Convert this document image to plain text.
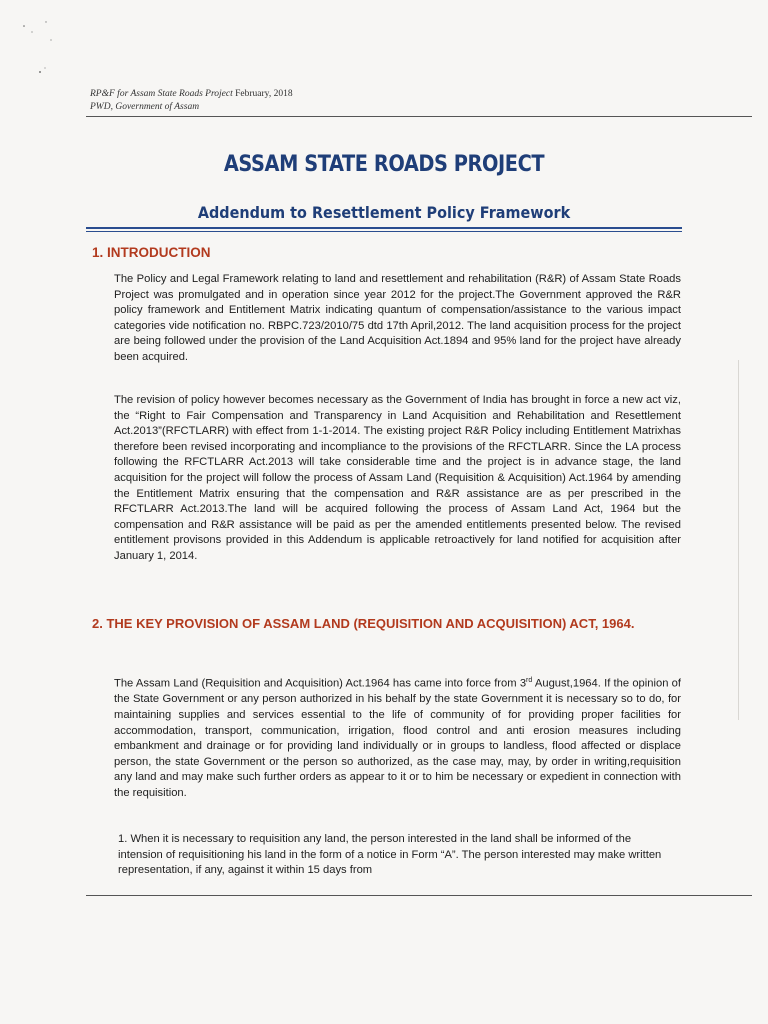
RP&F for Assam State Roads Project February, 2018
PWD, Government of Assam
ASSAM STATE ROADS PROJECT
Addendum to Resettlement Policy Framework
1. INTRODUCTION
The Policy and Legal Framework relating to land and resettlement and rehabilitation (R&R) of Assam State Roads Project was promulgated and in operation since year 2012 for the project.The Government approved the R&R policy framework and Entitlement Matrix indicating quantum of compensation/assistance to the various impact categories vide notification no. RBPC.723/2010/75 dtd 17th April,2012. The land acquisition process for the project are being followed under the provision of the Land Acquisition Act.1894 and 95% land for the project have already been acquired.
The revision of policy however becomes necessary as the Government of India has brought in force a new act viz, the “Right to Fair Compensation and Transparency in Land Acquisition and Rehabilitation and Resettlement Act.2013”(RFCTLARR) with effect from 1-1-2014. The existing project R&R Policy including Entitlement Matrixhas therefore been revised incorporating and incompliance to the provisions of the RFCTLARR. Since the LA process following the RFCTLARR Act.2013 will take considerable time and the project is in advance stage, the land acquisition for the project will follow the process of Assam Land (Requisition & Acquisition) Act.1964 by amending the Entitlement Matrix ensuring that the compensation and R&R assistance are as per prescribed in the RFCTLARR Act.2013.The land will be acquired following the process of Assam Land Act, 1964 but the compensation and R&R assistance will be paid as per the amended entitlements presented below. The revised entitlement provisons provided in this Addendum is applicable retroactively for land notified for acquisition after January 1, 2014.
2. THE KEY PROVISION OF ASSAM LAND (REQUISITION AND ACQUISITION) ACT, 1964.
The Assam Land (Requisition and Acquisition) Act.1964 has came into force from 3rd August,1964. If the opinion of the State Government or any person authorized in his behalf by the state Government it is necessary so to do, for maintaining supplies and services essential to the life of community of for providing proper facilities for accommodation, transport, communication, irrigation, flood control and anti erosion measures including embankment and drainage or for providing land individually or in groups to landless, flood affected or displace person, the state Government or the person so authorized, as the case may, may, by order in writing,requisition any land and may make such further orders as appear to it or to him be necessary or expedient in connection with the requisition.
1. When it is necessary to requisition any land, the person interested in the land shall be informed of the intension of requisitioning his land in the form of a notice in Form “A”. The person interested may make written representation, if any, against it within 15 days from
